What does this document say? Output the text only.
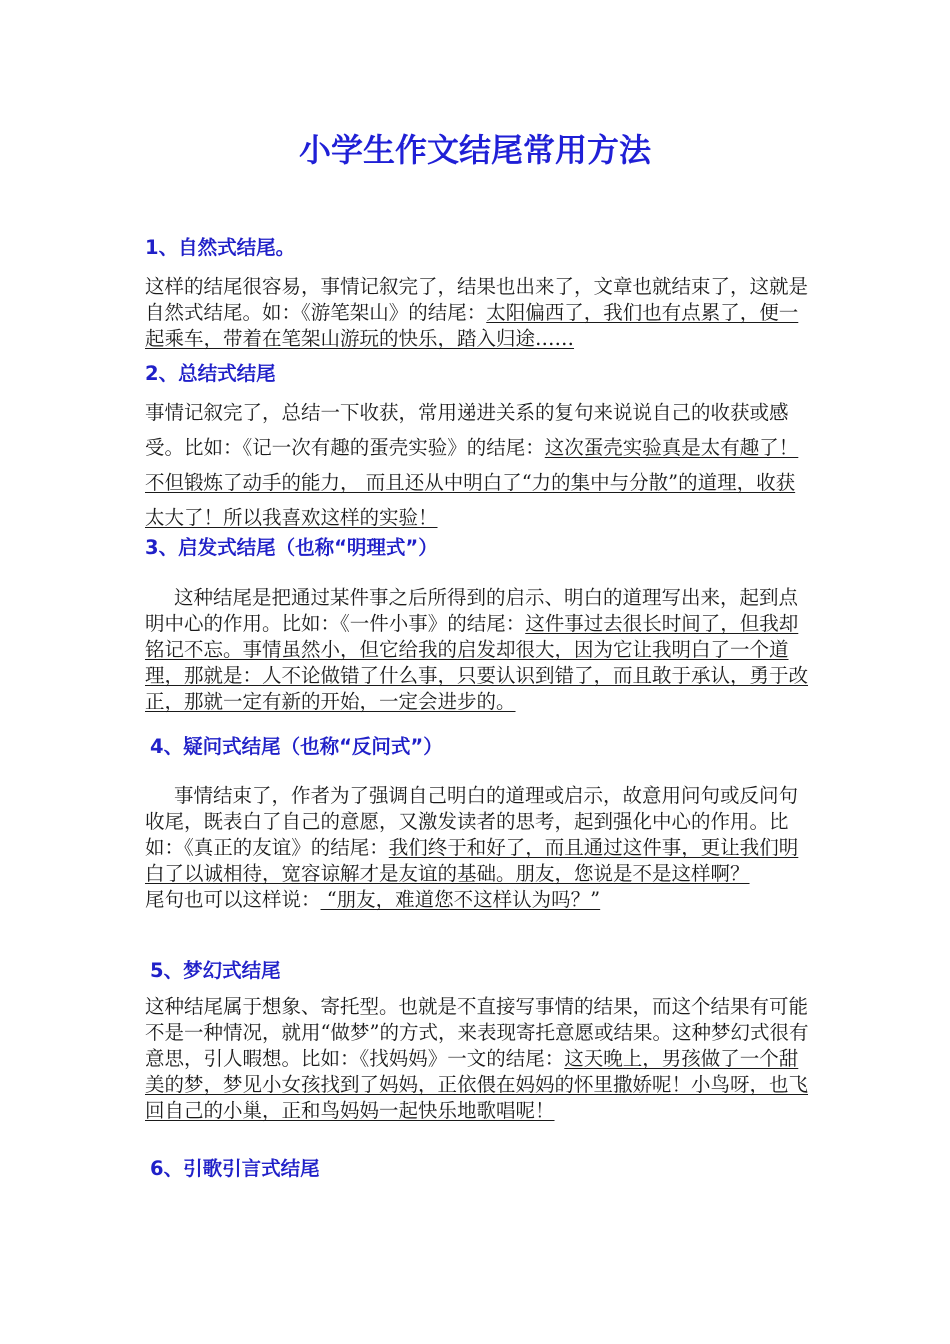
小学生作文结尾常用方法
1、自然式结尾。

这样的结尾很容易，事情记叙完了，结果也出来了，文章也就结束了，这就是自然式结尾。如：《游笔架山》的结尾：太阳偏西了，我们也有点累了，便一起乘车，带着在笔架山游玩的快乐，踏入归途……

2、总结式结尾

事情记叙完了，总结一下收获，常用递进关系的复句来说说自己的收获或感受。比如：《记一次有趣的蛋壳实验》的结尾：这次蛋壳实验真是太有趣了！不但锻炼了动手的能力， 而且还从中明白了“力的集中与分散”的道理，收获太大了！所以我喜欢这样的实验！

3、启发式结尾（也称“明理式”）

这种结尾是把通过某件事之后所得到的启示、明白的道理写出来，起到点明中心的作用。比如：《一件小事》的结尾：这件事过去很长时间了，但我却铭记不忘。事情虽然小，但它给我的启发却很大，因为它让我明白了一个道理，那就是：人不论做错了什么事，只要认识到错了，而且敢于承认，勇于改正，那就一定有新的开始，一定会进步的。

4、疑问式结尾（也称“反问式”）

事情结束了，作者为了强调自己明白的道理或启示，故意用问句或反问句收尾，既表白了自己的意愿，又激发读者的思考，起到强化中心的作用。比如：《真正的友谊》的结尾：我们终于和好了，而且通过这件事，更让我们明白了以诚相待，宽容谅解才是友谊的基础。朋友，您说是不是这样啊？
尾句也可以这样说： “朋友，难道您不这样认为吗？”

5、梦幻式结尾

这种结尾属于想象、寄托型。也就是不直接写事情的结果，而这个结果有可能不是一种情况，就用“做梦”的方式，来表现寄托意愿或结果。这种梦幻式很有意思，引人暇想。比如：《找妈妈》一文的结尾：这天晚上，男孩做了一个甜美的梦，梦见小女孩找到了妈妈，正依偎在妈妈的怀里撒娇呢！小鸟呀，也飞回自己的小巢，正和鸟妈妈一起快乐地歌唱呢！

6、引歌引言式结尾
